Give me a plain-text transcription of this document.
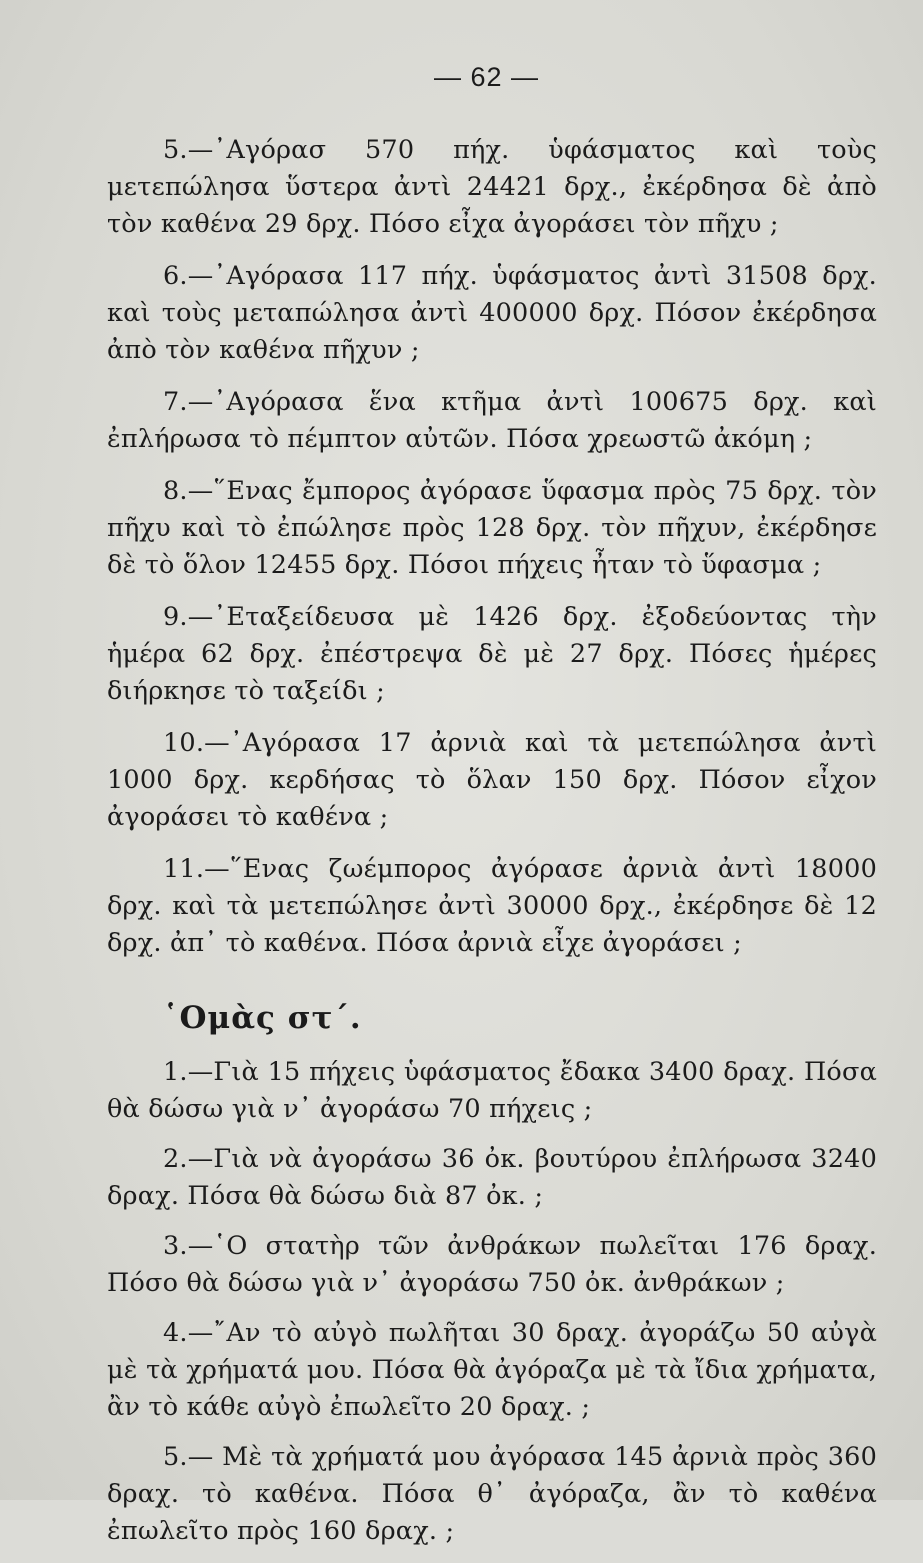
— 62 —

5.—᾿Αγόρασ 570 πήχ. ὑφάσματος καὶ τοὺς μετεπώλησα ὕστερα ἀντὶ 24421 δρχ., ἐκέρδησα δὲ ἀπὸ τὸν καθένα 29 δρχ. Πόσο εἶχα ἀγοράσει τὸν πῆχυ ;

6.—᾿Αγόρασα 117 πήχ. ὑφάσματος ἀντὶ 31508 δρχ. καὶ τοὺς μεταπώλησα ἀντὶ 400000 δρχ. Πόσον ἐκέρδησα ἀπὸ τὸν καθένα πῆχυν ;

7.—᾿Αγόρασα ἕνα κτῆμα ἀντὶ 100675 δρχ. καὶ ἐπλήρωσα τὸ πέμπτον αὐτῶν. Πόσα χρεωστῶ ἀκόμη ;

8.—῞Ενας ἔμπορος ἀγόρασε ὕφασμα πρὸς 75 δρχ. τὸν πῆχυ καὶ τὸ ἐπώλησε πρὸς 128 δρχ. τὸν πῆχυν, ἐκέρδησε δὲ τὸ ὅλον 12455 δρχ. Πόσοι πήχεις ἦταν τὸ ὕφασμα ;

9.—᾿Εταξείδευσα μὲ 1426 δρχ. ἐξοδεύοντας τὴν ἡμέρα 62 δρχ. ἐπέστρεψα δὲ μὲ 27 δρχ. Πόσες ἡμέρες διήρκησε τὸ ταξείδι ;

10.—᾿Αγόρασα 17 ἀρνιὰ καὶ τὰ μετεπώλησα ἀντὶ 1000 δρχ. κερδήσας τὸ ὅλαν 150 δρχ. Πόσον εἶχον ἀγοράσει τὸ καθένα ;

11.—῞Ενας ζωέμπορος ἀγόρασε ἀρνιὰ ἀντὶ 18000 δρχ. καὶ τὰ μετεπώλησε ἀντὶ 30000 δρχ., ἐκέρδησε δὲ 12 δρχ. ἀπ᾿ τὸ καθένα. Πόσα ἀρνιὰ εἶχε ἀγοράσει ;

῾Ομὰς στ΄.

1.—Γιὰ 15 πήχεις ὑφάσματος ἔδακα 3400 δραχ. Πόσα θὰ δώσω γιὰ ν᾿ ἀγοράσω 70 πήχεις ;

2.—Γιὰ νὰ ἀγοράσω 36 ὀκ. βουτύρου ἐπλήρωσα 3240 δραχ. Πόσα θὰ δώσω διὰ 87 ὀκ. ;

3.—῾Ο στατὴρ τῶν ἀνθράκων πωλεῖται 176 δραχ. Πόσο θὰ δώσω γιὰ ν᾿ ἀγοράσω 750 ὀκ. ἀνθράκων ;

4.—῎Αν τὸ αὐγὸ πωλῆται 30 δραχ. ἀγοράζω 50 αὐγὰ μὲ τὰ χρήματά μου. Πόσα θὰ ἀγόραζα μὲ τὰ ἴδια χρήματα, ἂν τὸ κάθε αὐγὸ ἐπωλεῖτο 20 δραχ. ;

5.— Μὲ τὰ χρήματά μου ἀγόρασα 145 ἀρνιὰ πρὸς 360 δραχ. τὸ καθένα. Πόσα θ᾿ ἀγόραζα, ἂν τὸ καθένα ἐπωλεῖτο πρὸς 160 δραχ. ;
